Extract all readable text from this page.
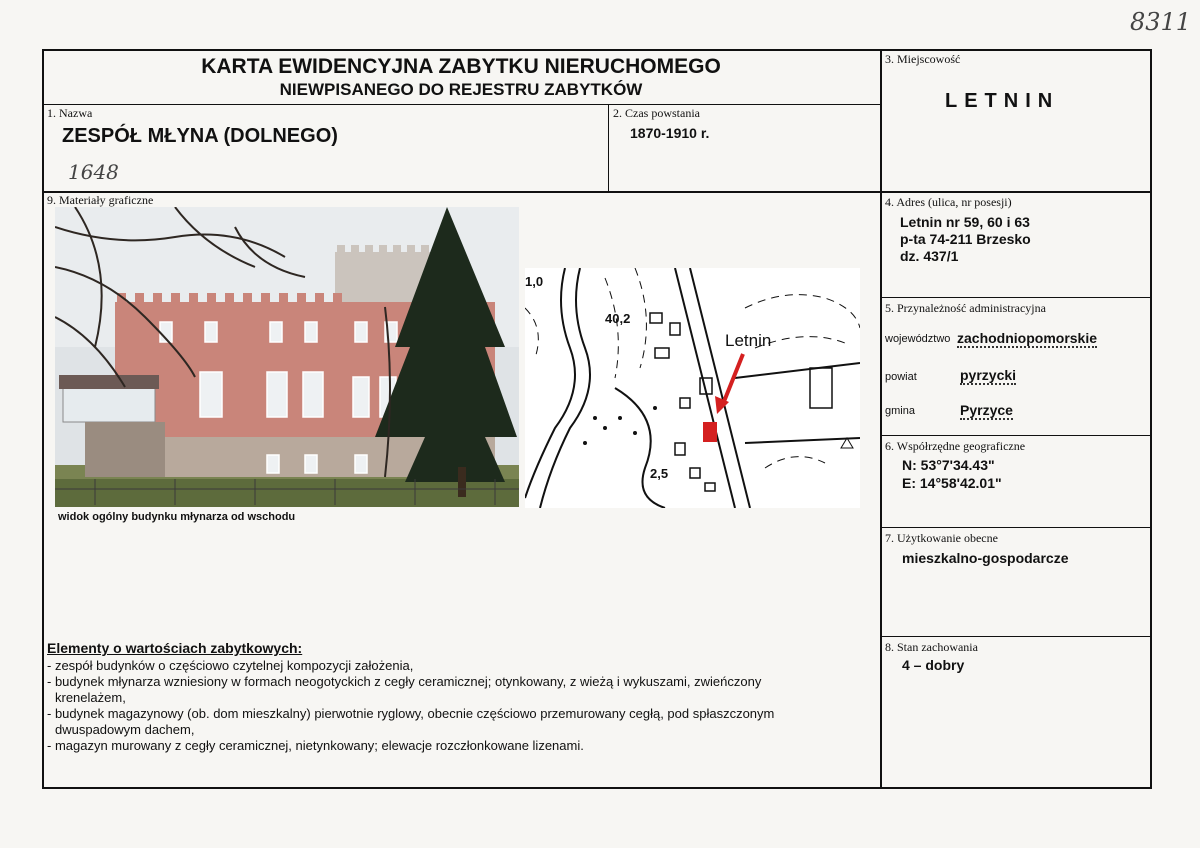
8311
KARTA EWIDENCYJNA ZABYTKU NIERUCHOMEGO
NIEWPISANEGO DO REJESTRU ZABYTKÓW
1. Nazwa
ZESPÓŁ MŁYNA (DOLNEGO)
1648
2. Czas powstania
1870-1910 r.
3. Miejscowość
LETNIN
4. Adres (ulica, nr posesji)
Letnin nr 59, 60 i 63
p-ta 74-211 Brzesko
dz. 437/1
5. Przynależność administracyjna
województwo zachodniopomorskie
powiat	pyrzycki
gmina	Pyrzyce
6. Współrzędne geograficzne
N: 53°7'34.43"
E: 14°58'42.01"
7. Użytkowanie obecne
mieszkalno-gospodarcze
8. Stan zachowania
4 – dobry
9. Materiały graficzne
widok ogólny budynku młynarza od wschodu
Letnin
1,0
40,2
2,5
Elementy o wartościach zabytkowych:
- zespół budynków o częściowo czytelnej kompozycji założenia,
- budynek młynarza wzniesiony w formach neogotyckich z cegły ceramicznej; otynkowany, z wieżą i wykuszami, zwieńczony
krenelażem,
- budynek magazynowy (ob. dom mieszkalny) pierwotnie ryglowy, obecnie częściowo przemurowany cegłą, pod spłaszczonym
dwuspadowym dachem,
- magazyn murowany z cegły ceramicznej, nietynkowany; elewacje rozczłonkowane lizenami.
